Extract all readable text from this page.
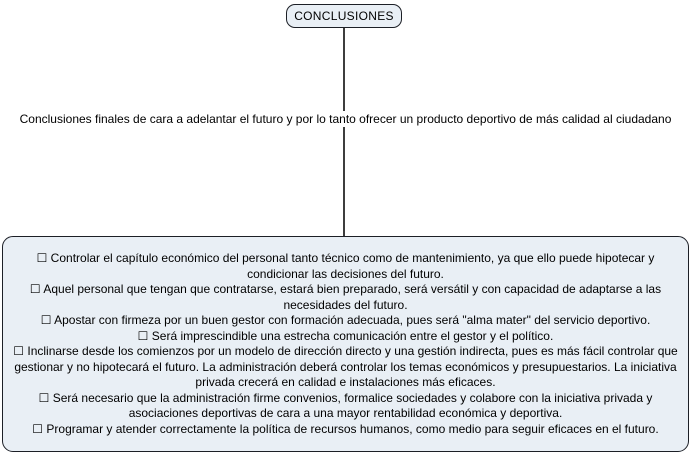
CONCLUSIONES
Conclusiones finales de cara a adelantar el futuro y por lo tanto ofrecer un producto deportivo de más calidad al ciudadano

☐ Controlar el capítulo económico del personal tanto técnico como de mantenimiento, ya que ello puede hipotecar y condicionar las decisiones del futuro.

☐ Aquel personal que tengan que contratarse, estará bien preparado, será versátil y con capacidad de adaptarse a las necesidades del futuro.

☐ Apostar con firmeza por un buen gestor con formación adecuada, pues será "alma mater" del servicio deportivo.

☐ Será imprescindible una estrecha comunicación entre el gestor y el político.

☐ Inclinarse desde los comienzos por un modelo de dirección directo y una gestión indirecta, pues es más fácil controlar que gestionar y no hipotecará el futuro. La administración deberá controlar los temas económicos y presupuestarios. La iniciativa privada crecerá en calidad e instalaciones más eficaces.

☐ Será necesario que la administración firme convenios, formalice sociedades y colabore con la iniciativa privada y asociaciones deportivas de cara a una mayor rentabilidad económica y deportiva.

☐ Programar y atender correctamente la política de recursos humanos, como medio para seguir eficaces en el futuro.
